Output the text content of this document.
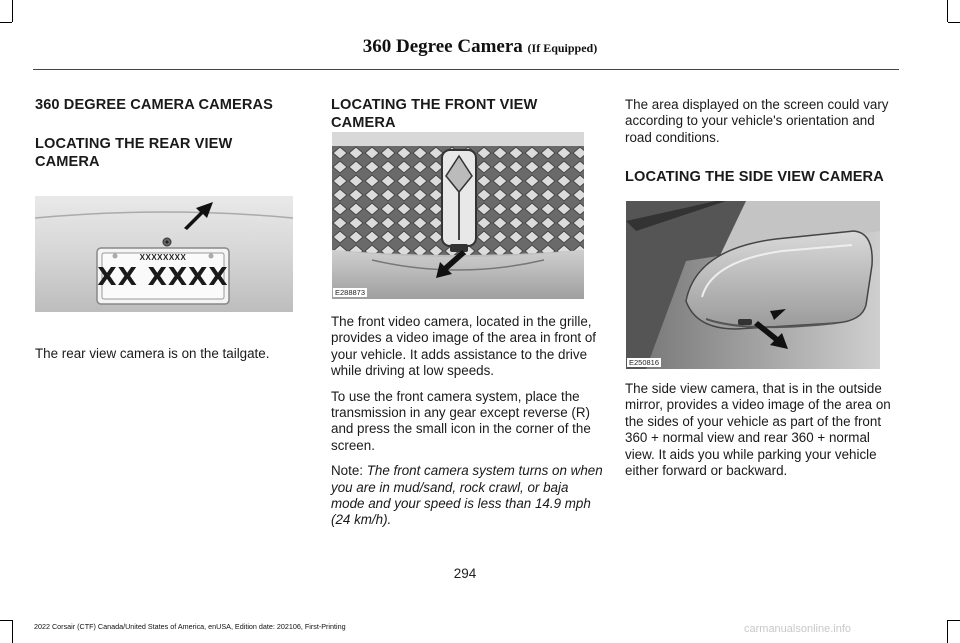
360 Degree Camera (If Equipped)
360 DEGREE CAMERA CAMERAS
LOCATING THE REAR VIEW CAMERA
XXXXXXXX
XX XXXX

The rear view camera is on the tailgate.

LOCATING THE FRONT VIEW CAMERA
E288873

The front video camera, located in the grille, provides a video image of the area in front of your vehicle. It adds assistance to the drive while driving at low speeds.

To use the front camera system, place the transmission in any gear except reverse (R) and press the small icon in the corner of the screen.

Note: The front camera system turns on when you are in mud/sand, rock crawl, or baja mode and your speed is less than 14.9 mph (24 km/h).

The area displayed on the screen could vary according to your vehicle's orientation and road conditions.

LOCATING THE SIDE VIEW CAMERA
E250816

The side view camera, that is in the outside mirror, provides a video image of the area on the sides of your vehicle as part of the front 360 + normal view and rear 360 + normal view. It aids you while parking your vehicle either forward or backward.

294
2022 Corsair (CTF) Canada/United States of America, enUSA, Edition date: 202106, First-Printing	carmanualsonline.info
